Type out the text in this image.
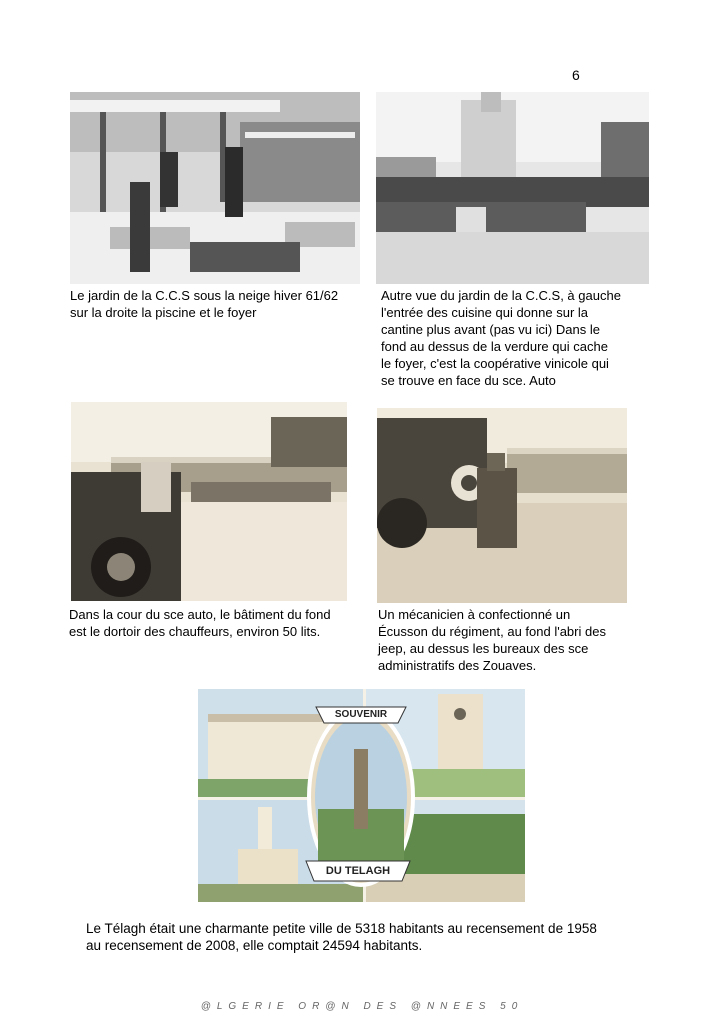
6
Le jardin de la C.C.S sous la neige hiver 61/62
sur la droite la piscine et le foyer
Autre vue du jardin de la C.C.S, à gauche
l'entrée des cuisine qui donne sur la
cantine plus avant (pas vu ici) Dans le
fond au dessus de la verdure qui cache
le foyer, c'est la coopérative vinicole qui
se trouve en face du sce. Auto
Dans la cour du sce auto, le bâtiment du fond
est le dortoir des chauffeurs, environ 50 lits.
Un mécanicien à confectionné un
Écusson du régiment, au fond l'abri des
jeep, au dessus les bureaux des sce
administratifs des Zouaves.
SOUVENIR
DU TELAGH
Le Télagh était une charmante petite ville de 5318 habitants au recensement de 1958
au recensement de 2008, elle comptait 24594 habitants.
@LGERIE OR@N DES @NNEES 50
